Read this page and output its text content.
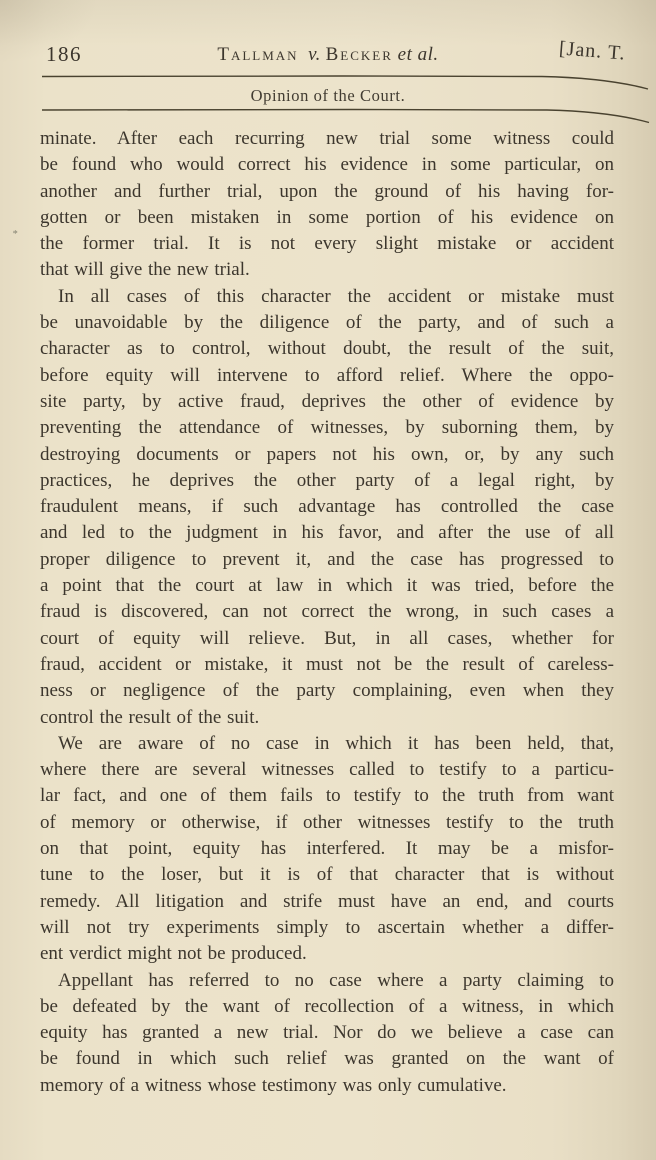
186	Tallman v. Becker et al.	[Jan. T.
Opinion of the Court.
*
minate. After each recurring new trial some witness could
be found who would correct his evidence in some particular, on
another and further trial, upon the ground of his having for-
gotten or been mistaken in some portion of his evidence on
the former trial. It is not every slight mistake or accident
that will give the new trial.
In all cases of this character the accident or mistake must
be unavoidable by the diligence of the party, and of such a
character as to control, without doubt, the result of the suit,
before equity will intervene to afford relief. Where the oppo-
site party, by active fraud, deprives the other of evidence by
preventing the attendance of witnesses, by suborning them, by
destroying documents or papers not his own, or, by any such
practices, he deprives the other party of a legal right, by
fraudulent means, if such advantage has controlled the case
and led to the judgment in his favor, and after the use of all
proper diligence to prevent it, and the case has progressed to
a point that the court at law in which it was tried, before the
fraud is discovered, can not correct the wrong, in such cases a
court of equity will relieve. But, in all cases, whether for
fraud, accident or mistake, it must not be the result of careless-
ness or negligence of the party complaining, even when they
control the result of the suit.
We are aware of no case in which it has been held, that,
where there are several witnesses called to testify to a particu-
lar fact, and one of them fails to testify to the truth from want
of memory or otherwise, if other witnesses testify to the truth
on that point, equity has interfered. It may be a misfor-
tune to the loser, but it is of that character that is without
remedy. All litigation and strife must have an end, and courts
will not try experiments simply to ascertain whether a differ-
ent verdict might not be produced.
Appellant has referred to no case where a party claiming to
be defeated by the want of recollection of a witness, in which
equity has granted a new trial. Nor do we believe a case can
be found in which such relief was granted on the want of
memory of a witness whose testimony was only cumulative.
